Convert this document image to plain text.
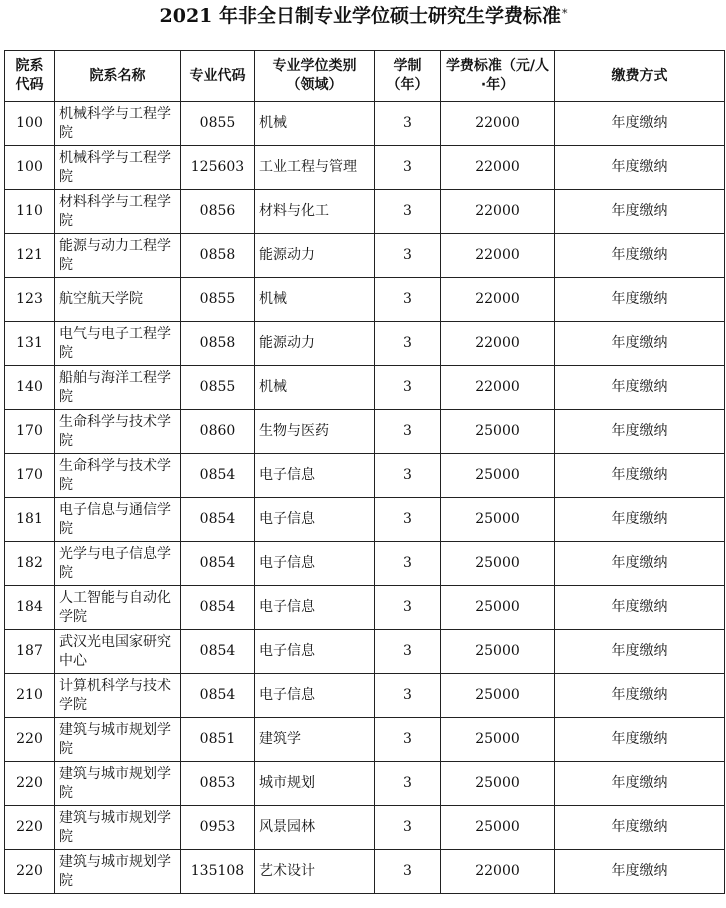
2021 年非全日制专业学位硕士研究生学费标准*
院系代码	院系名称	专业代码	专业学位类别（领域）	学制（年）	学费标准（元/人·年）	缴费方式
100	机械科学与工程学院	0855	机械	3	22000	年度缴纳
100	机械科学与工程学院	125603	工业工程与管理	3	22000	年度缴纳
110	材料科学与工程学院	0856	材料与化工	3	22000	年度缴纳
121	能源与动力工程学院	0858	能源动力	3	22000	年度缴纳
123	航空航天学院	0855	机械	3	22000	年度缴纳
131	电气与电子工程学院	0858	能源动力	3	22000	年度缴纳
140	船舶与海洋工程学院	0855	机械	3	22000	年度缴纳
170	生命科学与技术学院	0860	生物与医药	3	25000	年度缴纳
170	生命科学与技术学院	0854	电子信息	3	25000	年度缴纳
181	电子信息与通信学院	0854	电子信息	3	25000	年度缴纳
182	光学与电子信息学院	0854	电子信息	3	25000	年度缴纳
184	人工智能与自动化学院	0854	电子信息	3	25000	年度缴纳
187	武汉光电国家研究中心	0854	电子信息	3	25000	年度缴纳
210	计算机科学与技术学院	0854	电子信息	3	25000	年度缴纳
220	建筑与城市规划学院	0851	建筑学	3	25000	年度缴纳
220	建筑与城市规划学院	0853	城市规划	3	25000	年度缴纳
220	建筑与城市规划学院	0953	风景园林	3	25000	年度缴纳
220	建筑与城市规划学院	135108	艺术设计	3	22000	年度缴纳
